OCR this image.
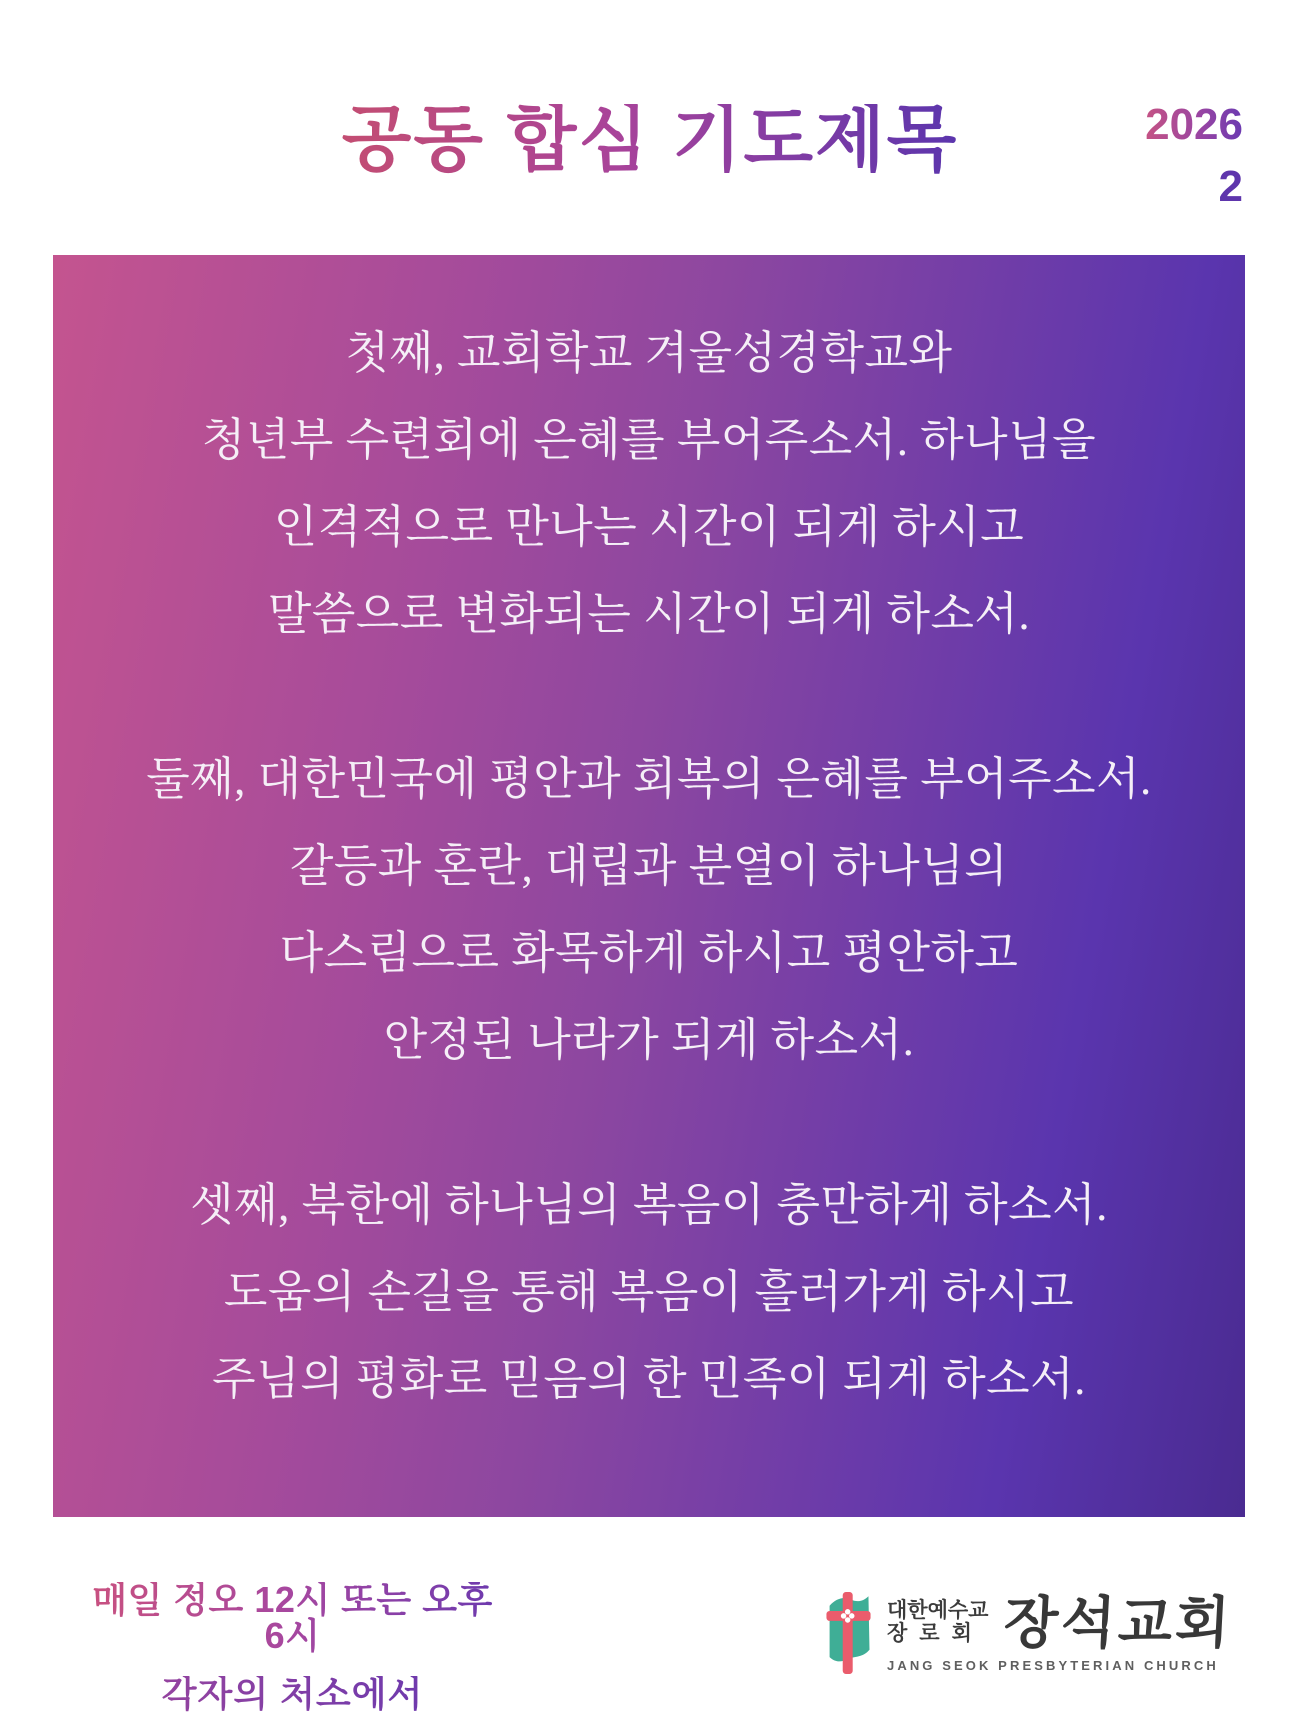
공동 합심 기도제목	2026
2

첫째, 교회학교 겨울성경학교와
청년부 수련회에 은혜를 부어주소서. 하나님을
인격적으로 만나는 시간이 되게 하시고
말씀으로 변화되는 시간이 되게 하소서.

둘째, 대한민국에 평안과 회복의 은혜를 부어주소서.
갈등과 혼란, 대립과 분열이 하나님의
다스림으로 화목하게 하시고 평안하고
안정된 나라가 되게 하소서.

셋째, 북한에 하나님의 복음이 충만하게 하소서.
도움의 손길을 통해 복음이 흘러가게 하시고
주님의 평화로 믿음의 한 민족이 되게 하소서.

매일 정오 12시 또는 오후6시
각자의 처소에서
대한예수교
장로회 장석교회
JANG SEOK PRESBYTERIAN CHURCH
